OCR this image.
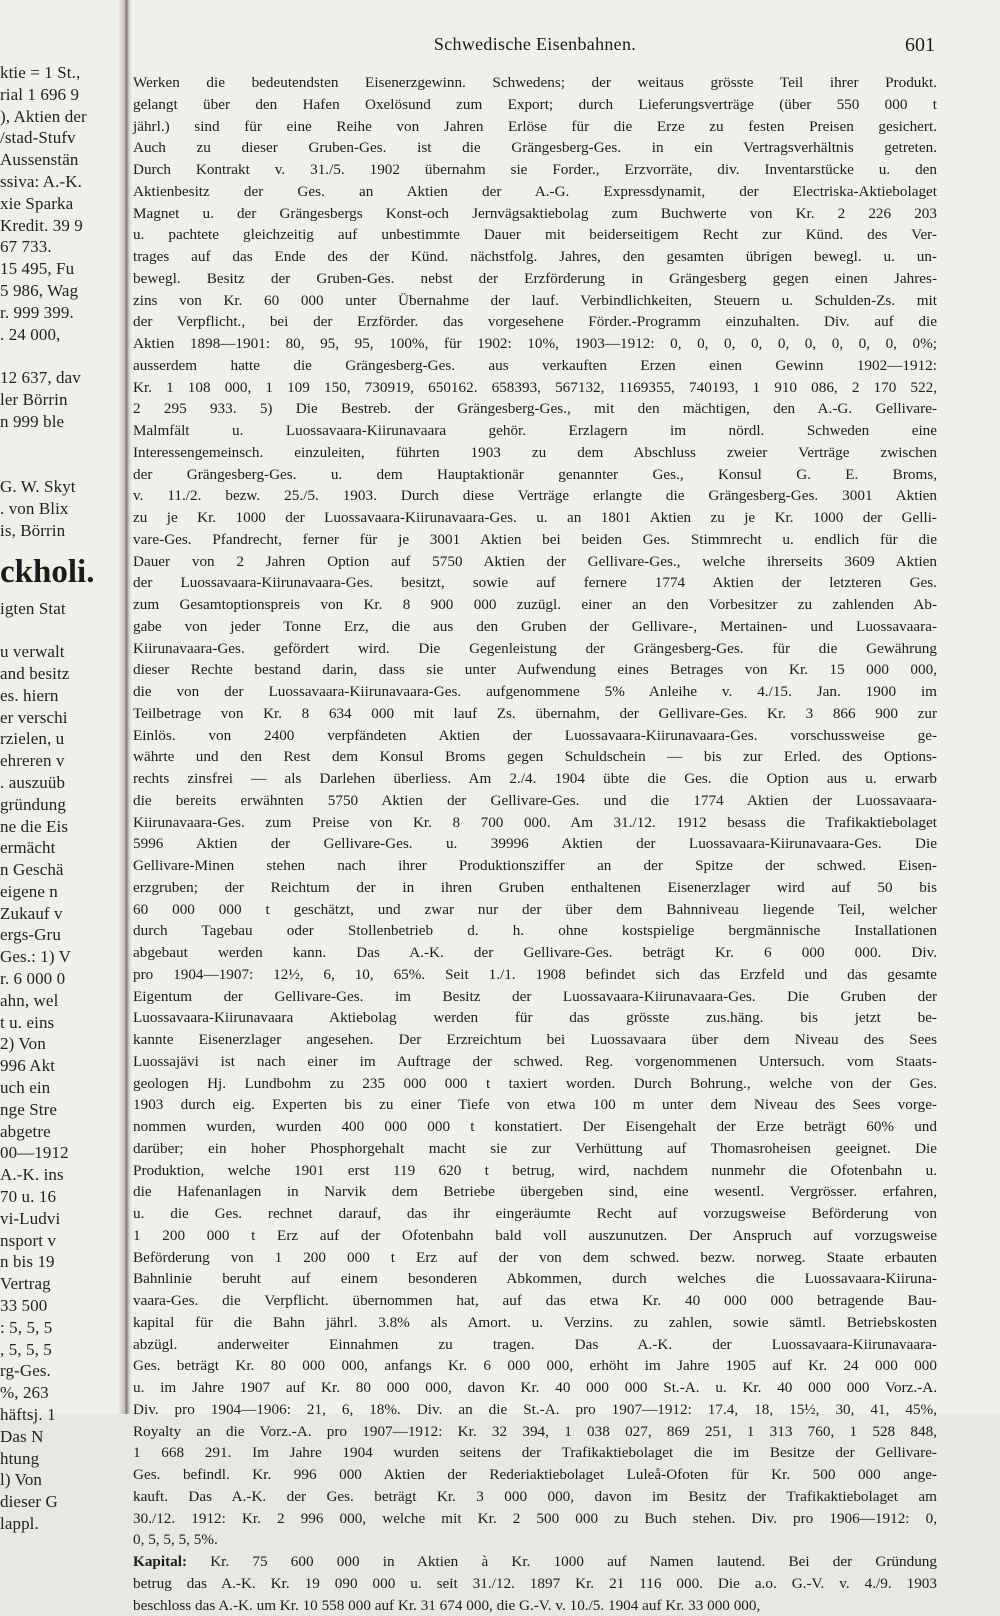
ktie = 1 St.,
rial 1 696 9
), Aktien der
/stad-Stufv
Aussenstän
ssiva: A.-K.
xie Sparka
Kredit. 39 9
67 733.
15 495, Fu
5 986, Wag
r. 999 399.
. 24 000,

12 637, dav
ler Börrin
n 999 ble

G. W. Skyt
. von Blix
is, Börrin
ckholi.
igten Stat

u verwalt
and besitz
es. hiern
er verschi
rzielen, u
ehreren v
. auszuüb
gründung
ne die Eis
ermächt
n Geschä
eigene n
Zukauf v
ergs-Gru
Ges.: 1) V
r. 6 000 0
ahn, wel
t u. eins
2) Von
996 Akt
uch ein
nge Stre
abgetre
00—1912
A.-K. ins
70 u. 16
vi-Ludvi
nsport v
n bis 19
Vertrag
33 500
: 5, 5, 5
, 5, 5, 5
rg-Ges.
%, 263
häftsj. 1
Das N
htung
l) Von
dieser G
lappl.
Schwedische Eisenbahnen.	601
Werken die bedeutendsten Eisenerzgewinn. Schwedens; der weitaus grösste Teil ihrer Produkt.
gelangt über den Hafen Oxelösund zum Export; durch Lieferungsverträge (über 550 000 t
jährl.) sind für eine Reihe von Jahren Erlöse für die Erze zu festen Preisen gesichert.
Auch zu dieser Gruben-Ges. ist die Grängesberg-Ges. in ein Vertragsverhältnis getreten.
Durch Kontrakt v. 31./5. 1902 übernahm sie Forder., Erzvorräte, div. Inventarstücke u. den
Aktienbesitz der Ges. an Aktien der A.-G. Expressdynamit, der Electriska-Aktiebolaget
Magnet u. der Grängesbergs Konst-och Jernvägsaktiebolag zum Buchwerte von Kr. 2 226 203
u. pachtete gleichzeitig auf unbestimmte Dauer mit beiderseitigem Recht zur Künd. des Ver-
trages auf das Ende des der Künd. nächstfolg. Jahres, den gesamten übrigen bewegl. u. un-
bewegl. Besitz der Gruben-Ges. nebst der Erzförderung in Grängesberg gegen einen Jahres-
zins von Kr. 60 000 unter Übernahme der lauf. Verbindlichkeiten, Steuern u. Schulden-Zs. mit
der Verpflicht., bei der Erzförder. das vorgesehene Förder.-Programm einzuhalten. Div. auf die
Aktien 1898—1901: 80, 95, 95, 100%, für 1902: 10%, 1903—1912: 0, 0, 0, 0, 0, 0, 0, 0, 0, 0%;
ausserdem hatte die Grängesberg-Ges. aus verkauften Erzen einen Gewinn 1902—1912:
Kr. 1 108 000, 1 109 150, 730919, 650162. 658393, 567132, 1169355, 740193, 1 910 086, 2 170 522,
2 295 933. 5) Die Bestreb. der Grängesberg-Ges., mit den mächtigen, den A.-G. Gellivare-
Malmfält u. Luossavaara-Kiirunavaara gehör. Erzlagern im nördl. Schweden eine
Interessengemeinsch. einzuleiten, führten 1903 zu dem Abschluss zweier Verträge zwischen
der Grängesberg-Ges. u. dem Hauptaktionär genannter Ges., Konsul G. E. Broms,
v. 11./2. bezw. 25./5. 1903. Durch diese Verträge erlangte die Grängesberg-Ges. 3001 Aktien
zu je Kr. 1000 der Luossavaara-Kiirunavaara-Ges. u. an 1801 Aktien zu je Kr. 1000 der Gelli-
vare-Ges. Pfandrecht, ferner für je 3001 Aktien bei beiden Ges. Stimmrecht u. endlich für die
Dauer von 2 Jahren Option auf 5750 Aktien der Gellivare-Ges., welche ihrerseits 3609 Aktien
der Luossavaara-Kiirunavaara-Ges. besitzt, sowie auf fernere 1774 Aktien der letzteren Ges.
zum Gesamtoptionspreis von Kr. 8 900 000 zuzügl. einer an den Vorbesitzer zu zahlenden Ab-
gabe von jeder Tonne Erz, die aus den Gruben der Gellivare-, Mertainen- und Luossavaara-
Kiirunavaara-Ges. gefördert wird. Die Gegenleistung der Grängesberg-Ges. für die Gewährung
dieser Rechte bestand darin, dass sie unter Aufwendung eines Betrages von Kr. 15 000 000,
die von der Luossavaara-Kiirunavaara-Ges. aufgenommene 5% Anleihe v. 4./15. Jan. 1900 im
Teilbetrage von Kr. 8 634 000 mit lauf Zs. übernahm, der Gellivare-Ges. Kr. 3 866 900 zur
Einlös. von 2400 verpfändeten Aktien der Luossavaara-Kiirunavaara-Ges. vorschussweise ge-
währte und den Rest dem Konsul Broms gegen Schuldschein — bis zur Erled. des Options-
rechts zinsfrei — als Darlehen überliess. Am 2./4. 1904 übte die Ges. die Option aus u. erwarb
die bereits erwähnten 5750 Aktien der Gellivare-Ges. und die 1774 Aktien der Luossavaara-
Kiirunavaara-Ges. zum Preise von Kr. 8 700 000. Am 31./12. 1912 besass die Trafikaktiebolaget
5996 Aktien der Gellivare-Ges. u. 39996 Aktien der Luossavaara-Kiirunavaara-Ges. Die
Gellivare-Minen stehen nach ihrer Produktionsziffer an der Spitze der schwed. Eisen-
erzgruben; der Reichtum der in ihren Gruben enthaltenen Eisenerzlager wird auf 50 bis
60 000 000 t geschätzt, und zwar nur der über dem Bahnniveau liegende Teil, welcher
durch Tagebau oder Stollenbetrieb d. h. ohne kostspielige bergmännische Installationen
abgebaut werden kann. Das A.-K. der Gellivare-Ges. beträgt Kr. 6 000 000. Div.
pro 1904—1907: 12½, 6, 10, 65%. Seit 1./1. 1908 befindet sich das Erzfeld und das gesamte
Eigentum der Gellivare-Ges. im Besitz der Luossavaara-Kiirunavaara-Ges. Die Gruben der
Luossavaara-Kiirunavaara Aktiebolag werden für das grösste zus.häng. bis jetzt be-
kannte Eisenerzlager angesehen. Der Erzreichtum bei Luossavaara über dem Niveau des Sees
Luossajävi ist nach einer im Auftrage der schwed. Reg. vorgenommenen Untersuch. vom Staats-
geologen Hj. Lundbohm zu 235 000 000 t taxiert worden. Durch Bohrung., welche von der Ges.
1903 durch eig. Experten bis zu einer Tiefe von etwa 100 m unter dem Niveau des Sees vorge-
nommen wurden, wurden 400 000 000 t konstatiert. Der Eisengehalt der Erze beträgt 60% und
darüber; ein hoher Phosphorgehalt macht sie zur Verhüttung auf Thomasroheisen geeignet. Die
Produktion, welche 1901 erst 119 620 t betrug, wird, nachdem nunmehr die Ofotenbahn u.
die Hafenanlagen in Narvik dem Betriebe übergeben sind, eine wesentl. Vergrösser. erfahren,
u. die Ges. rechnet darauf, das ihr eingeräumte Recht auf vorzugsweise Beförderung von
1 200 000 t Erz auf der Ofotenbahn bald voll auszunutzen. Der Anspruch auf vorzugsweise
Beförderung von 1 200 000 t Erz auf der von dem schwed. bezw. norweg. Staate erbauten
Bahnlinie beruht auf einem besonderen Abkommen, durch welches die Luossavaara-Kiiruna-
vaara-Ges. die Verpflicht. übernommen hat, auf das etwa Kr. 40 000 000 betragende Bau-
kapital für die Bahn jährl. 3.8% als Amort. u. Verzins. zu zahlen, sowie sämtl. Betriebskosten
abzügl. anderweiter Einnahmen zu tragen. Das A.-K. der Luossavaara-Kiirunavaara-
Ges. beträgt Kr. 80 000 000, anfangs Kr. 6 000 000, erhöht im Jahre 1905 auf Kr. 24 000 000
u. im Jahre 1907 auf Kr. 80 000 000, davon Kr. 40 000 000 St.-A. u. Kr. 40 000 000 Vorz.-A.
Div. pro 1904—1906: 21, 6, 18%. Div. an die St.-A. pro 1907—1912: 17.4, 18, 15½, 30, 41, 45%,
Royalty an die Vorz.-A. pro 1907—1912: Kr. 32 394, 1 038 027, 869 251, 1 313 760, 1 528 848,
1 668 291. Im Jahre 1904 wurden seitens der Trafikaktiebolaget die im Besitze der Gellivare-
Ges. befindl. Kr. 996 000 Aktien der Rederiaktiebolaget Luleå-Ofoten für Kr. 500 000 ange-
kauft. Das A.-K. der Ges. beträgt Kr. 3 000 000, davon im Besitz der Trafikaktiebolaget am
30./12. 1912: Kr. 2 996 000, welche mit Kr. 2 500 000 zu Buch stehen. Div. pro 1906—1912: 0,
0, 5, 5, 5, 5%.
Kapital: Kr. 75 600 000 in Aktien à Kr. 1000 auf Namen lautend. Bei der Gründung
betrug das A.-K. Kr. 19 090 000 u. seit 31./12. 1897 Kr. 21 116 000. Die a.o. G.-V. v. 4./9. 1903
beschloss das A.-K. um Kr. 10 558 000 auf Kr. 31 674 000, die G.-V. v. 10./5. 1904 auf Kr. 33 000 000,
